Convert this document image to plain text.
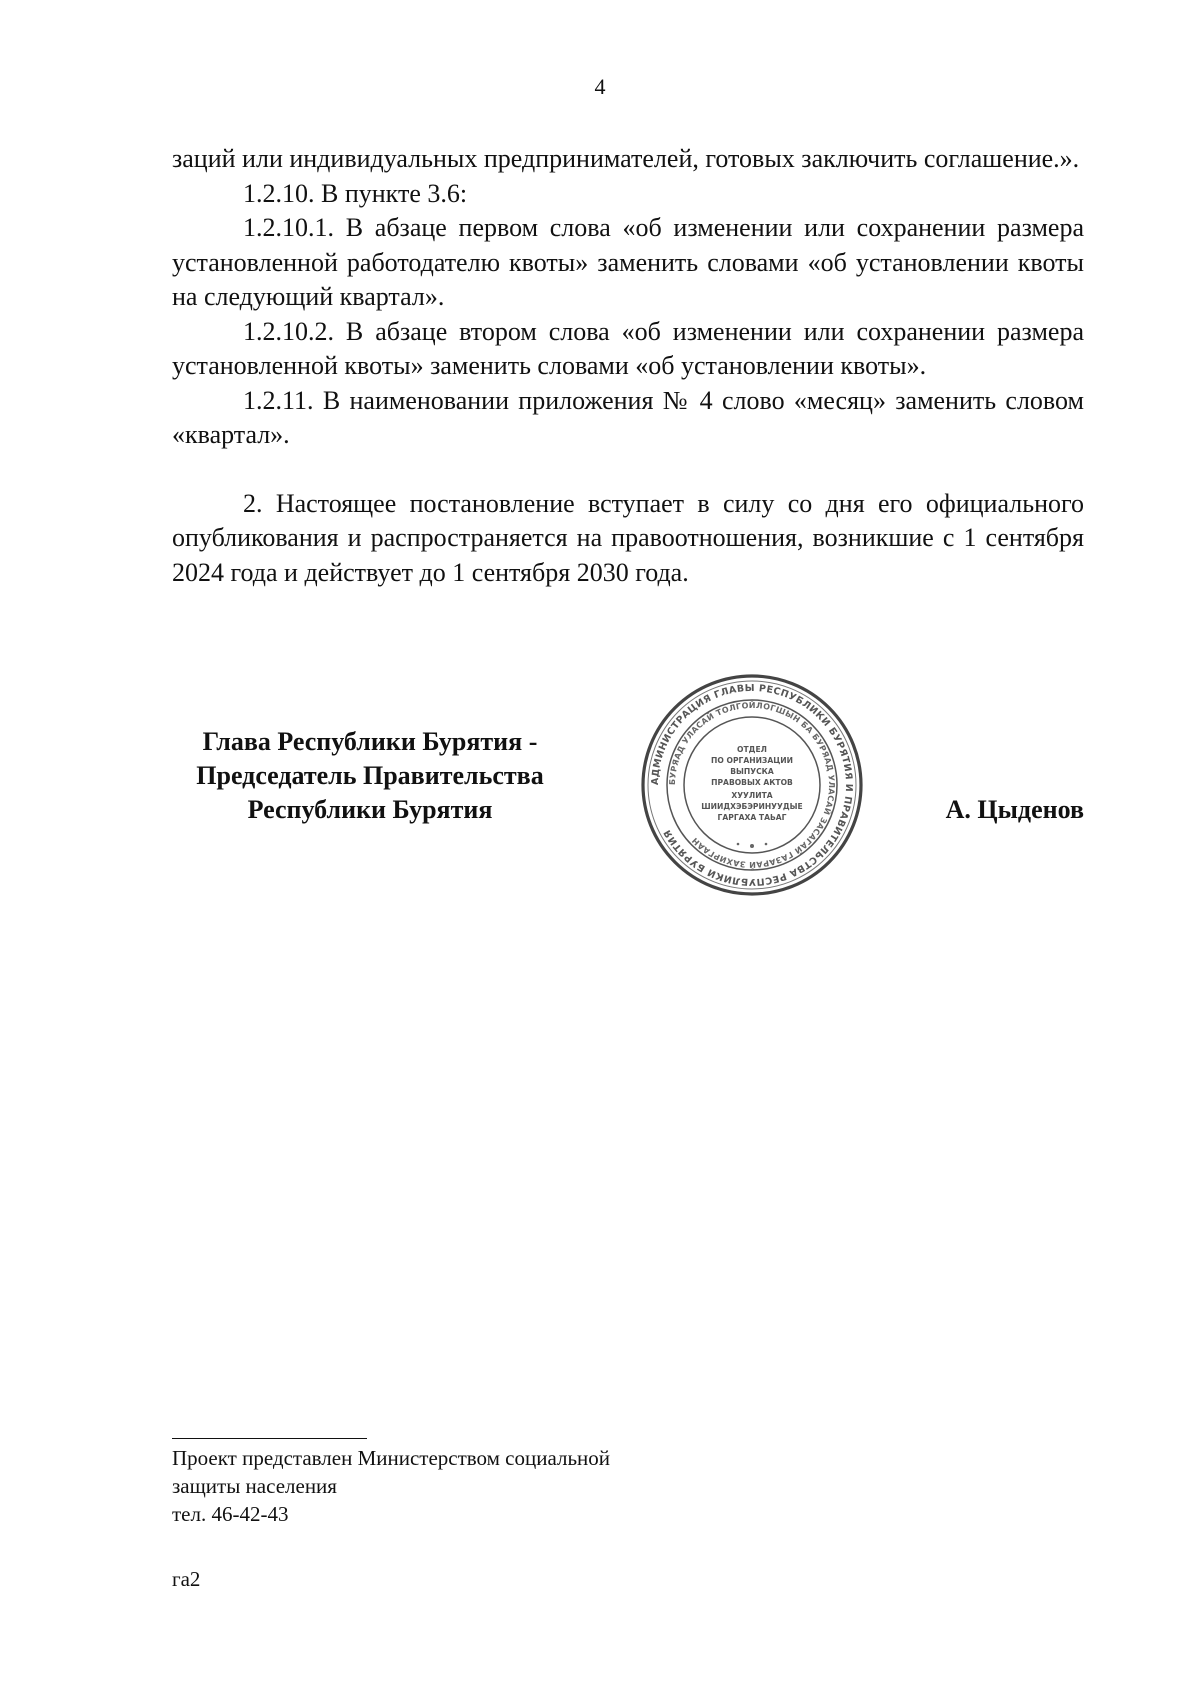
4

заций или индивидуальных предпринимателей, готовых заключить соглашение.».

1.2.10. В пункте 3.6:

1.2.10.1. В абзаце первом слова «об изменении или сохранении размера установленной работодателю квоты» заменить словами «об установлении квоты на следующий квартал».

1.2.10.2. В абзаце втором слова «об изменении или сохранении размера установленной квоты» заменить словами «об установлении квоты».

1.2.11. В наименовании приложения № 4 слово «месяц» заменить словом «квартал».

2. Настоящее постановление вступает в силу со дня его официального опубликования и распространяется на правоотношения, возникшие с 1 сентября 2024 года и действует до 1 сентября 2030 года.

Глава Республики Бурятия -
Председатель Правительства
Республики Бурятия
АДМИНИСТРАЦИЯ ГЛАВЫ РЕСПУБЛИКИ БУРЯТИЯ И ПРАВИТЕЛЬСТВА РЕСПУБЛИКИ БУРЯТИЯ
БУРЯАД УЛАСАЙ ТОЛГОЙЛОГШЫН БА БУРЯАД УЛАСАЙ ЗАСАГАЙ ГАЗАРАЙ ЗАХИРГААН
ОТДЕЛ
ПО ОРГАНИЗАЦИИ
ВЫПУСКА
ПРАВОВЫХ АКТОВ
ХУУЛИТА
ШИИДХЭБЭРИНУУДЫЕ
ГАРГАХА ТАЬАГ	А. Цыденов
Проект представлен Министерством социальной
защиты населения
тел. 46-42-43
га2
